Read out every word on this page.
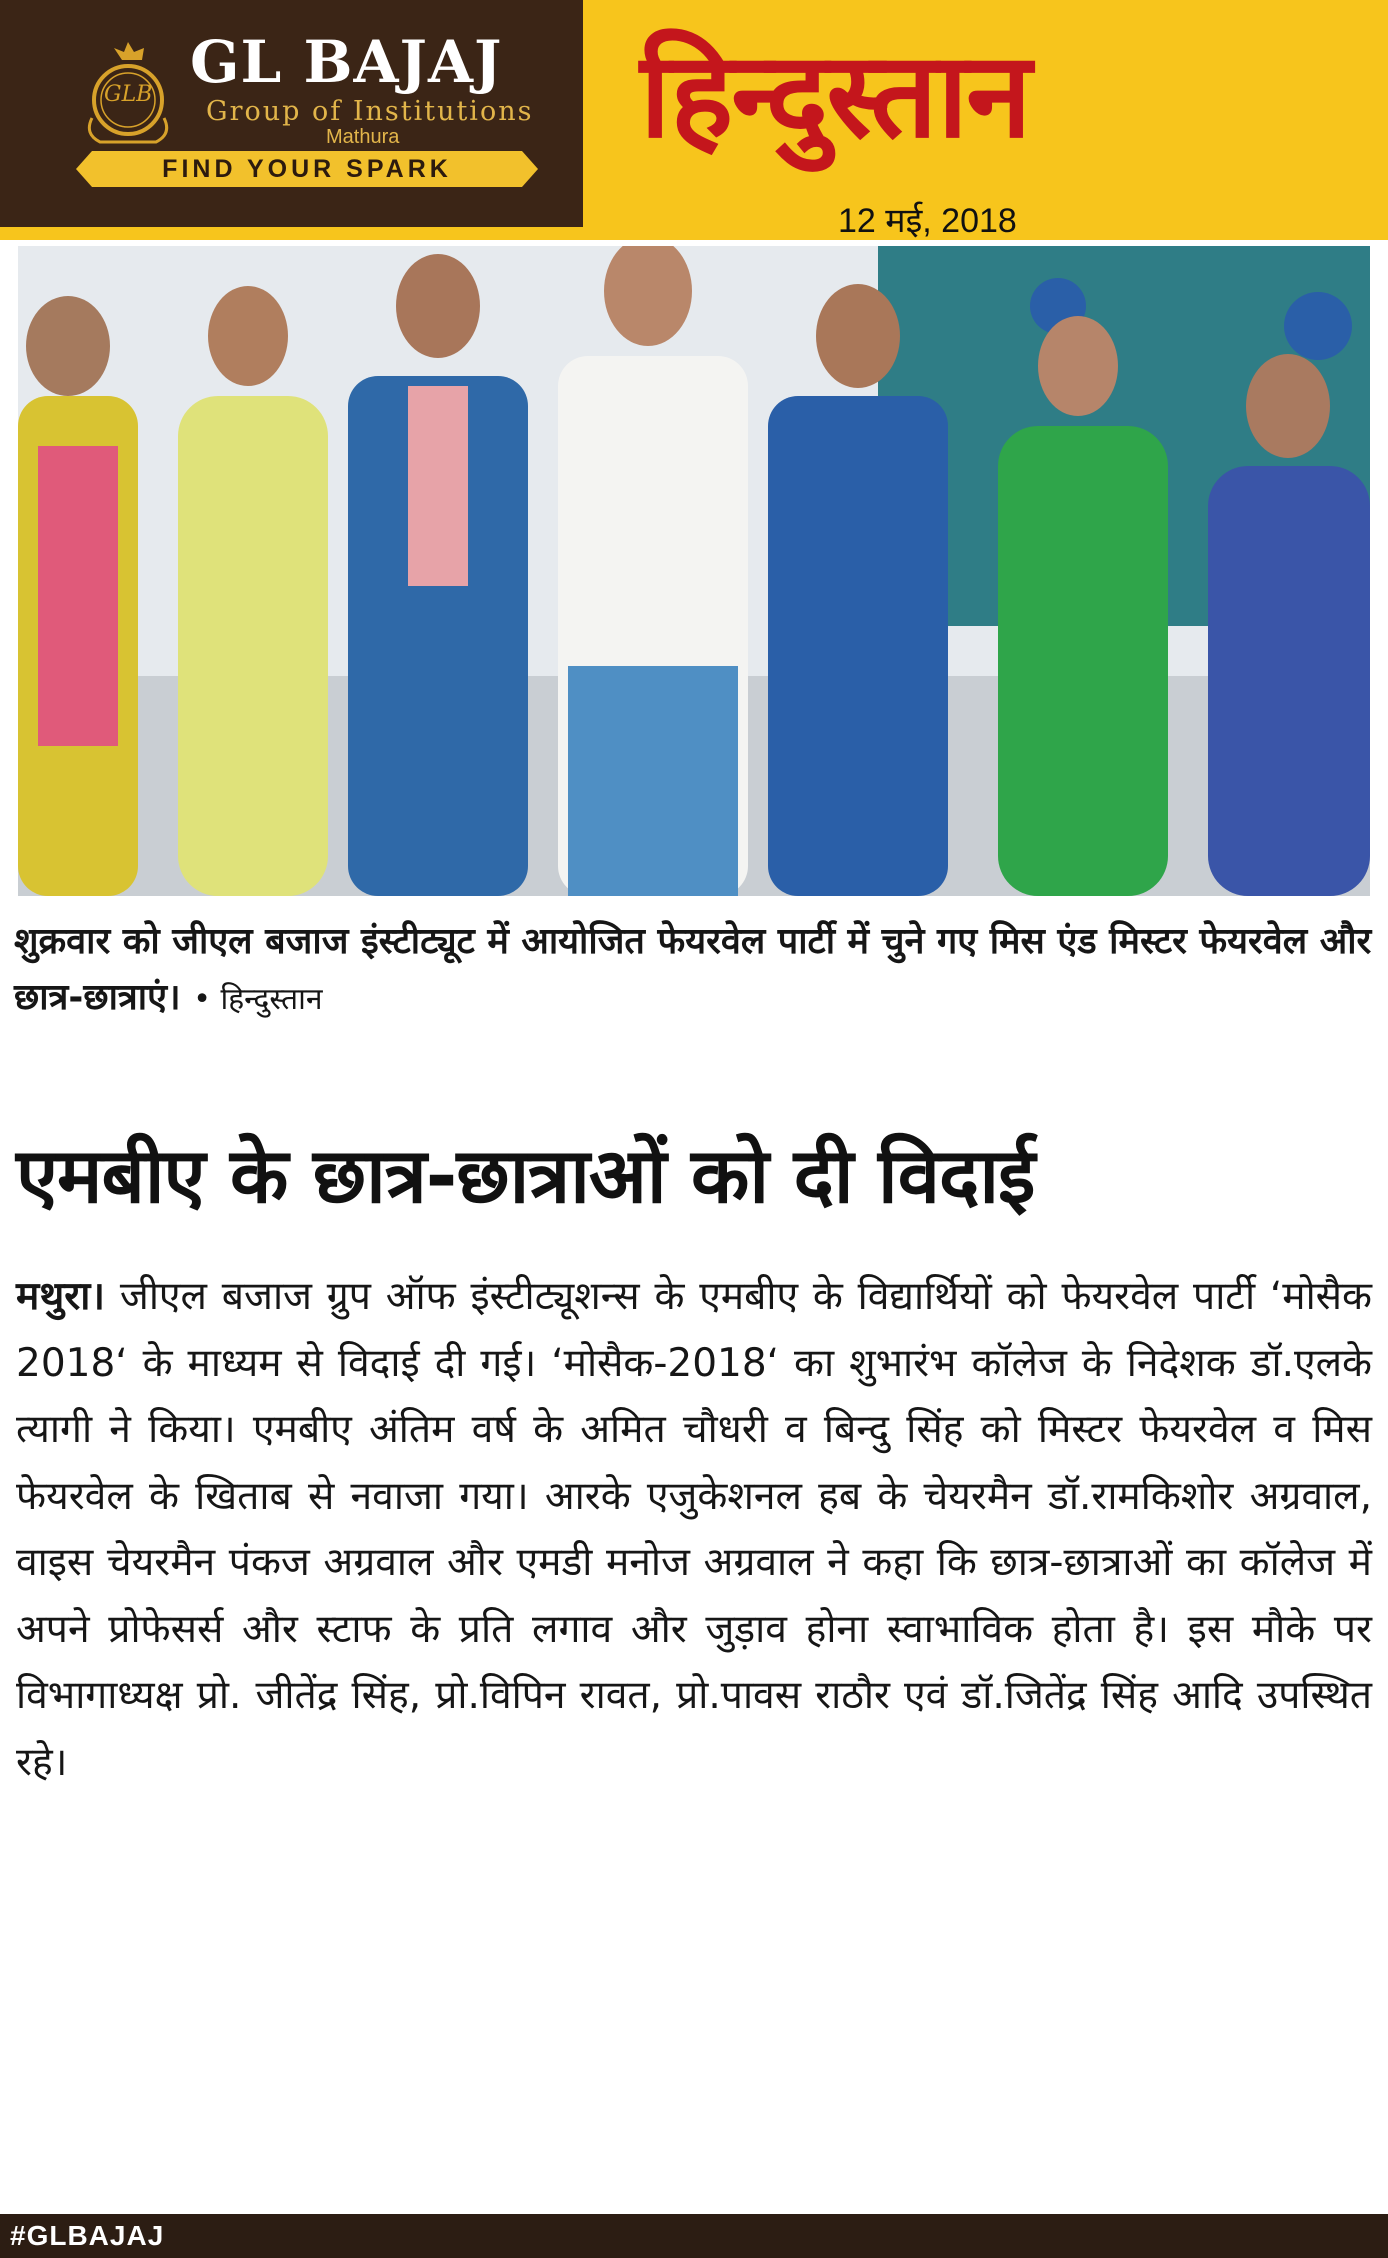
GLB GL BAJAJ
Group of Institutions
Mathura
FIND YOUR SPARK
हिन्दुस्तान
12 मई, 2018
शुक्रवार को जीएल बजाज इंस्टीट्यूट में आयोजित फेयरवेल पार्टी में चुने गए मिस एंड मिस्टर फेयरवेल और छात्र-छात्राएं। • हिन्दुस्तान
एमबीए के छात्र-छात्राओं को दी विदाई
मथुरा। जीएल बजाज ग्रुप ऑफ इंस्टीट्यूशन्स के एमबीए के विद्यार्थियों को फेयरवेल पार्टी ‘मोसैक 2018‘ के माध्यम से विदाई दी गई। ‘मोसैक-2018‘ का शुभारंभ कॉलेज के निदेशक डॉ.एलके त्यागी ने किया। एमबीए अंतिम वर्ष के अमित चौधरी व बिन्दु सिंह को मिस्टर फेयरवेल व मिस फेयरवेल के खिताब से नवाजा गया। आरके एजुकेशनल हब के चेयरमैन डॉ.रामकिशोर अग्रवाल, वाइस चेयरमैन पंकज अग्रवाल और एमडी मनोज अग्रवाल ने कहा कि छात्र-छात्राओं का कॉलेज में अपने प्रोफेसर्स और स्टाफ के प्रति लगाव और जुड़ाव होना स्वाभाविक होता है। इस मौके पर विभागाध्यक्ष प्रो. जीतेंद्र सिंह, प्रो.विपिन रावत, प्रो.पावस राठौर एवं डॉ.जितेंद्र सिंह आदि उपस्थित रहे।
#GLBAJAJ
